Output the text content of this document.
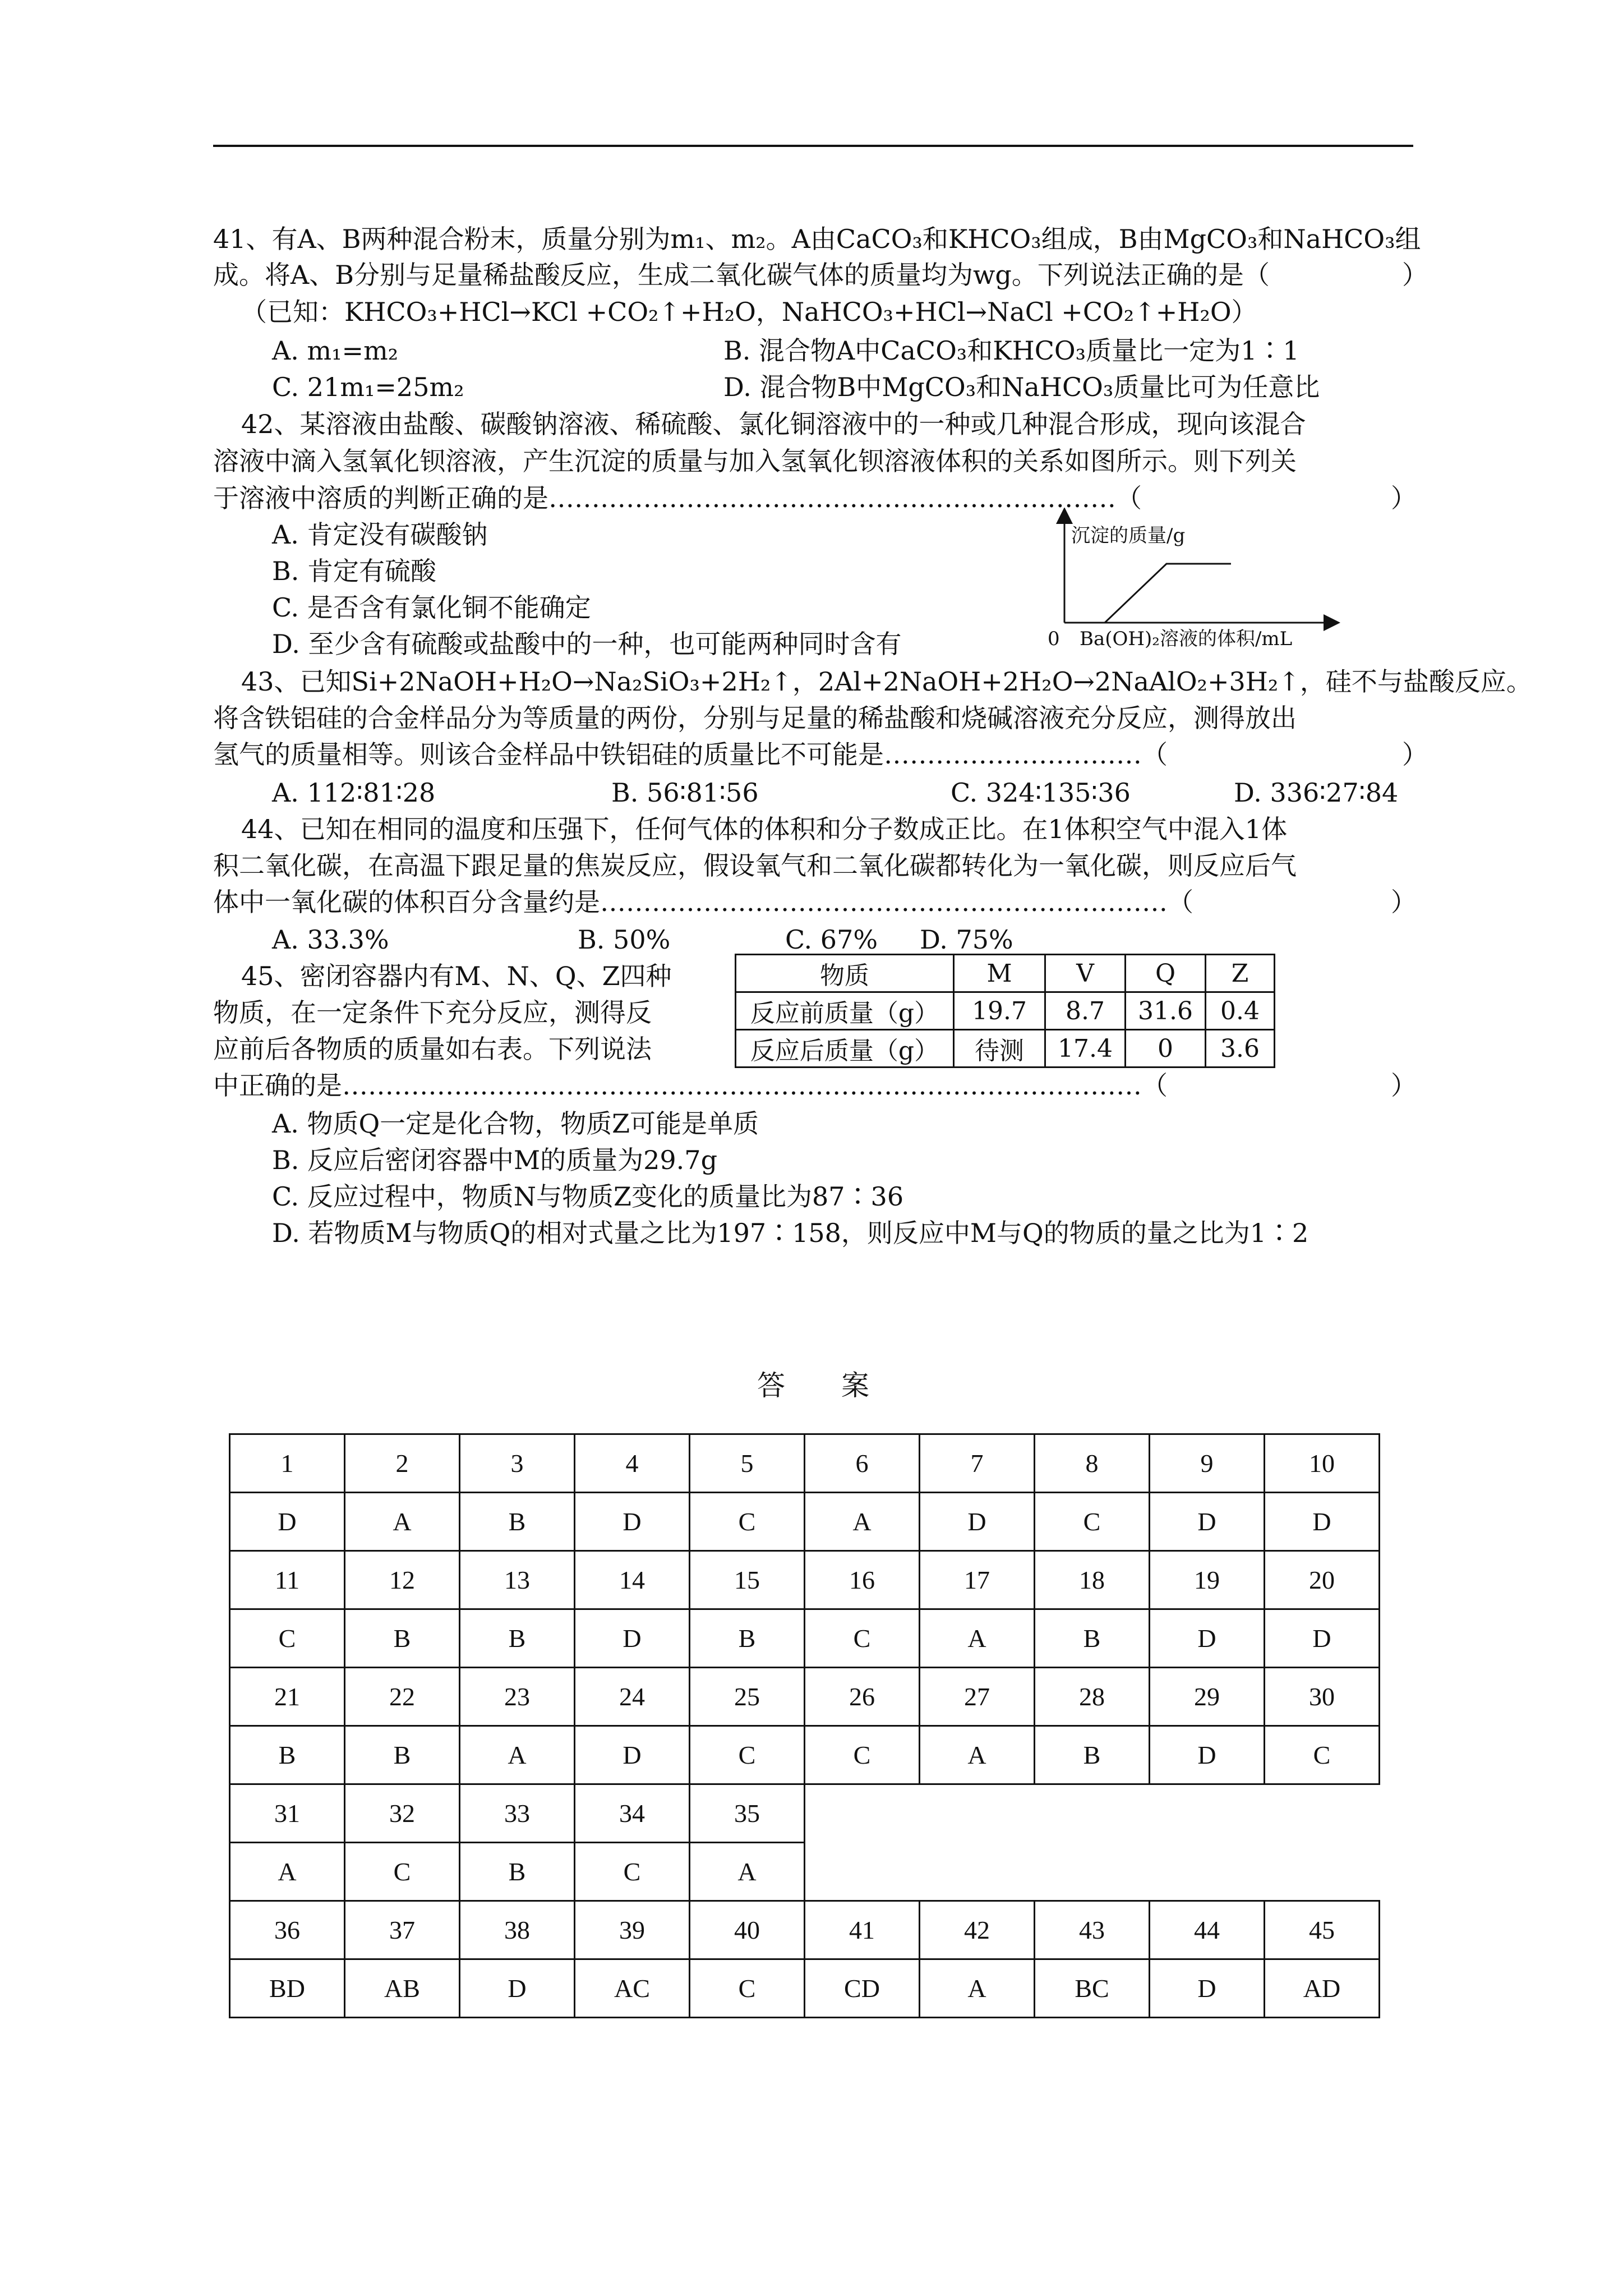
41、有A、B两种混合粉末，质量分别为m₁、m₂。A由CaCO₃和KHCO₃组成，B由MgCO₃和NaHCO₃组
成。将A、B分别与足量稀盐酸反应，生成二氧化碳气体的质量均为wg。下列说法正确的是（	）
（已知：KHCO₃+HCl→KCl +CO₂↑+H₂O，NaHCO₃+HCl→NaCl +CO₂↑+H₂O）
A. m₁=m₂	B. 混合物A中CaCO₃和KHCO₃质量比一定为1∶1
C. 21m₁=25m₂	D. 混合物B中MgCO₃和NaHCO₃质量比可为任意比
42、某溶液由盐酸、碳酸钠溶液、稀硫酸、氯化铜溶液中的一种或几种混合形成，现向该混合
溶液中滴入氢氧化钡溶液，产生沉淀的质量与加入氢氧化钡溶液体积的关系如图所示。则下列关
于溶液中溶质的判断正确的是…………………………………………………………（	）
A. 肯定没有碳酸钠
B. 肯定有硫酸
C. 是否含有氯化铜不能确定
D. 至少含有硫酸或盐酸中的一种，也可能两种同时含有
沉淀的质量/g
0 Ba(OH)₂溶液的体积/mL
43、已知Si+2NaOH+H₂O→Na₂SiO₃+2H₂↑，2Al+2NaOH+2H₂O→2NaAlO₂+3H₂↑，硅不与盐酸反应。
将含铁铝硅的合金样品分为等质量的两份，分别与足量的稀盐酸和烧碱溶液充分反应，测得放出
氢气的质量相等。则该合金样品中铁铝硅的质量比不可能是…………………………（	）
A. 112∶81∶28	B. 56∶81∶56	C. 324∶135∶36	D. 336∶27∶84
44、已知在相同的温度和压强下，任何气体的体积和分子数成正比。在1体积空气中混入1体
积二氧化碳，在高温下跟足量的焦炭反应，假设氧气和二氧化碳都转化为一氧化碳，则反应后气
体中一氧化碳的体积百分含量约是…………………………………………………………（	）
A. 33.3%	B. 50%	C. 67% D. 75%
45、密闭容器内有M、N、Q、Z四种
物质，在一定条件下充分反应，测得反
应前后各物质的质量如右表。下列说法
中正确的是…………………………………………………………………………………（	）
物质	M	V	Q	Z
反应前质量（g）	19.7	8.7	31.6	0.4
反应后质量（g）	待测	17.4	0	3.6
A. 物质Q一定是化合物，物质Z可能是单质
B. 反应后密闭容器中M的质量为29.7g
C. 反应过程中，物质N与物质Z变化的质量比为87∶36
D. 若物质M与物质Q的相对式量之比为197∶158，则反应中M与Q的物质的量之比为1∶2
答案
1	2	3	4	5	6	7	8	9	10
D	A	B	D	C	A	D	C	D	D
11	12	13	14	15	16	17	18	19	20
C	B	B	D	B	C	A	B	D	D
21	22	23	24	25	26	27	28	29	30
B	B	A	D	C	C	A	B	D	C
31	32	33	34	35					
A	C	B	C	A					
36	37	38	39	40	41	42	43	44	45
BD	AB	D	AC	C	CD	A	BC	D	AD
